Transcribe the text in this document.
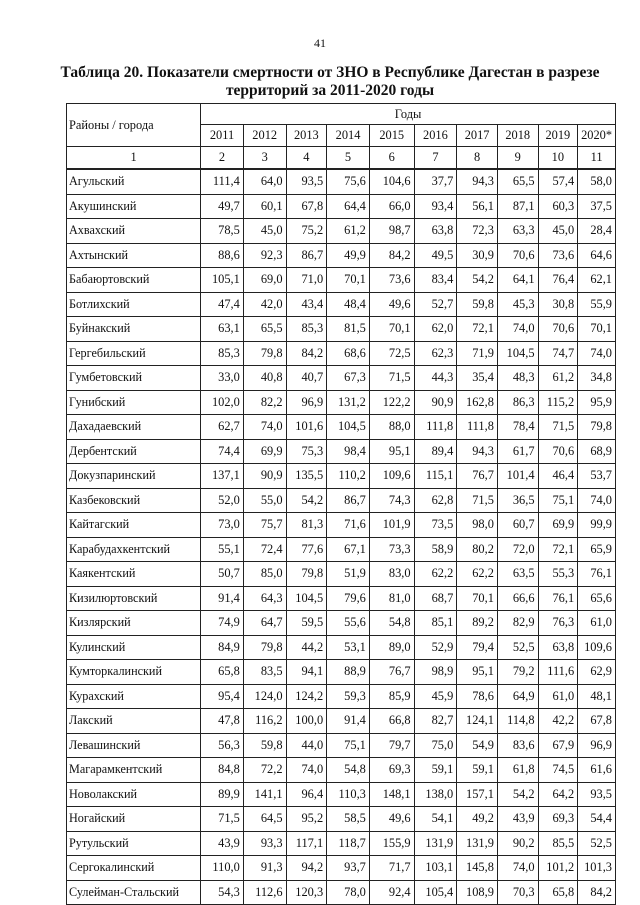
41
Таблица 20. Показатели смертности от ЗНО в Республике Дагестан в разрезе территорий за 2011-2020 годы
Районы / города	Годы									
	2011	2012	2013	2014	2015	2016	2017	2018	2019	2020*
1	2	3	4	5	6	7	8	9	10	11
Агульский	111,4	64,0	93,5	75,6	104,6	37,7	94,3	65,5	57,4	58,0
Акушинский	49,7	60,1	67,8	64,4	66,0	93,4	56,1	87,1	60,3	37,5
Ахвахский	78,5	45,0	75,2	61,2	98,7	63,8	72,3	63,3	45,0	28,4
Ахтынский	88,6	92,3	86,7	49,9	84,2	49,5	30,9	70,6	73,6	64,6
Бабаюртовский	105,1	69,0	71,0	70,1	73,6	83,4	54,2	64,1	76,4	62,1
Ботлихский	47,4	42,0	43,4	48,4	49,6	52,7	59,8	45,3	30,8	55,9
Буйнакский	63,1	65,5	85,3	81,5	70,1	62,0	72,1	74,0	70,6	70,1
Гергебильский	85,3	79,8	84,2	68,6	72,5	62,3	71,9	104,5	74,7	74,0
Гумбетовский	33,0	40,8	40,7	67,3	71,5	44,3	35,4	48,3	61,2	34,8
Гунибский	102,0	82,2	96,9	131,2	122,2	90,9	162,8	86,3	115,2	95,9
Дахадаевский	62,7	74,0	101,6	104,5	88,0	111,8	111,8	78,4	71,5	79,8
Дербентский	74,4	69,9	75,3	98,4	95,1	89,4	94,3	61,7	70,6	68,9
Докузпаринский	137,1	90,9	135,5	110,2	109,6	115,1	76,7	101,4	46,4	53,7
Казбековский	52,0	55,0	54,2	86,7	74,3	62,8	71,5	36,5	75,1	74,0
Кайтагский	73,0	75,7	81,3	71,6	101,9	73,5	98,0	60,7	69,9	99,9
Карабудахкентский	55,1	72,4	77,6	67,1	73,3	58,9	80,2	72,0	72,1	65,9
Каякентский	50,7	85,0	79,8	51,9	83,0	62,2	62,2	63,5	55,3	76,1
Кизилюртовский	91,4	64,3	104,5	79,6	81,0	68,7	70,1	66,6	76,1	65,6
Кизлярский	74,9	64,7	59,5	55,6	54,8	85,1	89,2	82,9	76,3	61,0
Кулинский	84,9	79,8	44,2	53,1	89,0	52,9	79,4	52,5	63,8	109,6
Кумторкалинский	65,8	83,5	94,1	88,9	76,7	98,9	95,1	79,2	111,6	62,9
Курахский	95,4	124,0	124,2	59,3	85,9	45,9	78,6	64,9	61,0	48,1
Лакский	47,8	116,2	100,0	91,4	66,8	82,7	124,1	114,8	42,2	67,8
Левашинский	56,3	59,8	44,0	75,1	79,7	75,0	54,9	83,6	67,9	96,9
Магарамкентский	84,8	72,2	74,0	54,8	69,3	59,1	59,1	61,8	74,5	61,6
Новолакский	89,9	141,1	96,4	110,3	148,1	138,0	157,1	54,2	64,2	93,5
Ногайский	71,5	64,5	95,2	58,5	49,6	54,1	49,2	43,9	69,3	54,4
Рутульский	43,9	93,3	117,1	118,7	155,9	131,9	131,9	90,2	85,5	52,5
Сергокалинский	110,0	91,3	94,2	93,7	71,7	103,1	145,8	74,0	101,2	101,3
Сулейман-Стальский	54,3	112,6	120,3	78,0	92,4	105,4	108,9	70,3	65,8	84,2
